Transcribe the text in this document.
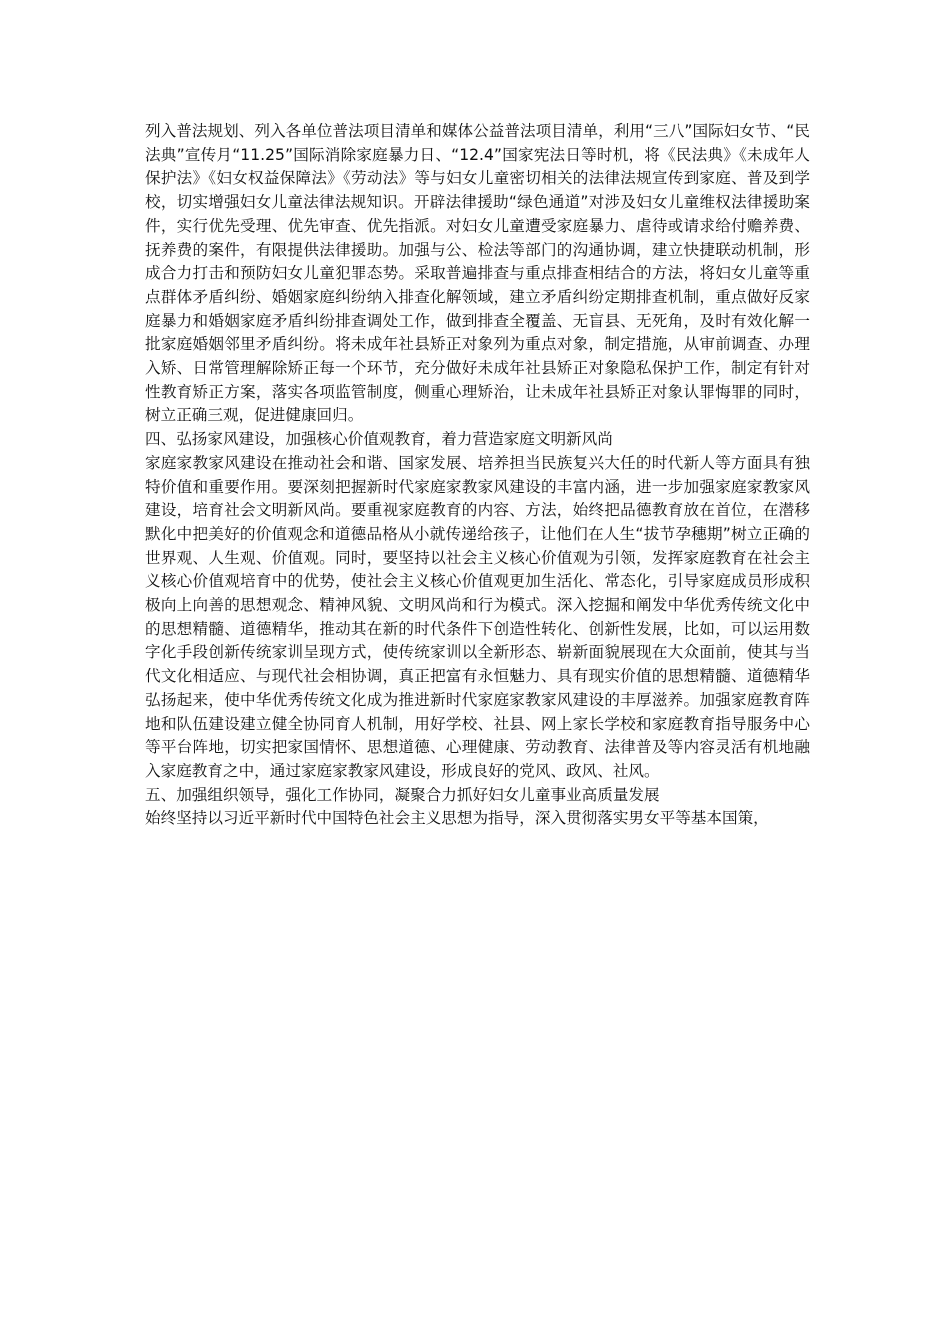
列入普法规划、列入各单位普法项目清单和媒体公益普法项目清单，利用“三八”国际妇女节、“民法典”宣传月“11.25”国际消除家庭暴力日、“12.4”国家宪法日等时机，将《民法典》《未成年人保护法》《妇女权益保障法》《劳动法》等与妇女儿童密切相关的法律法规宣传到家庭、普及到学校，切实增强妇女儿童法律法规知识。开辟法律援助“绿色通道”对涉及妇女儿童维权法律援助案件，实行优先受理、优先审查、优先指派。对妇女儿童遭受家庭暴力、虐待或请求给付赡养费、抚养费的案件，有限提供法律援助。加强与公、检法等部门的沟通协调，建立快捷联动机制，形成合力打击和预防妇女儿童犯罪态势。采取普遍排查与重点排查相结合的方法，将妇女儿童等重点群体矛盾纠纷、婚姻家庭纠纷纳入排查化解领域，建立矛盾纠纷定期排查机制，重点做好反家庭暴力和婚姻家庭矛盾纠纷排查调处工作，做到排查全覆盖、无盲县、无死角，及时有效化解一批家庭婚姻邻里矛盾纠纷。将未成年社县矫正对象列为重点对象，制定措施，从审前调查、办理入矫、日常管理解除矫正每一个环节，充分做好未成年社县矫正对象隐私保护工作，制定有针对性教育矫正方案，落实各项监管制度，侧重心理矫治，让未成年社县矫正对象认罪悔罪的同时，树立正确三观，促进健康回归。

四、弘扬家风建设，加强核心价值观教育，着力营造家庭文明新风尚

家庭家教家风建设在推动社会和谐、国家发展、培养担当民族复兴大任的时代新人等方面具有独特价值和重要作用。要深刻把握新时代家庭家教家风建设的丰富内涵，进一步加强家庭家教家风建设，培育社会文明新风尚。要重视家庭教育的内容、方法，始终把品德教育放在首位，在潜移默化中把美好的价值观念和道德品格从小就传递给孩子，让他们在人生“拔节孕穗期”树立正确的世界观、人生观、价值观。同时，要坚持以社会主义核心价值观为引领，发挥家庭教育在社会主义核心价值观培育中的优势，使社会主义核心价值观更加生活化、常态化，引导家庭成员形成积极向上向善的思想观念、精神风貌、文明风尚和行为模式。深入挖掘和阐发中华优秀传统文化中的思想精髓、道德精华，推动其在新的时代条件下创造性转化、创新性发展，比如，可以运用数字化手段创新传统家训呈现方式，使传统家训以全新形态、崭新面貌展现在大众面前，使其与当代文化相适应、与现代社会相协调，真正把富有永恒魅力、具有现实价值的思想精髓、道德精华弘扬起来，使中华优秀传统文化成为推进新时代家庭家教家风建设的丰厚滋养。加强家庭教育阵地和队伍建设建立健全协同育人机制，用好学校、社县、网上家长学校和家庭教育指导服务中心等平台阵地，切实把家国情怀、思想道德、心理健康、劳动教育、法律普及等内容灵活有机地融入家庭教育之中，通过家庭家教家风建设，形成良好的党风、政风、社风。

五、加强组织领导，强化工作协同，凝聚合力抓好妇女儿童事业高质量发展

始终坚持以习近平新时代中国特色社会主义思想为指导，深入贯彻落实男女平等基本国策，
